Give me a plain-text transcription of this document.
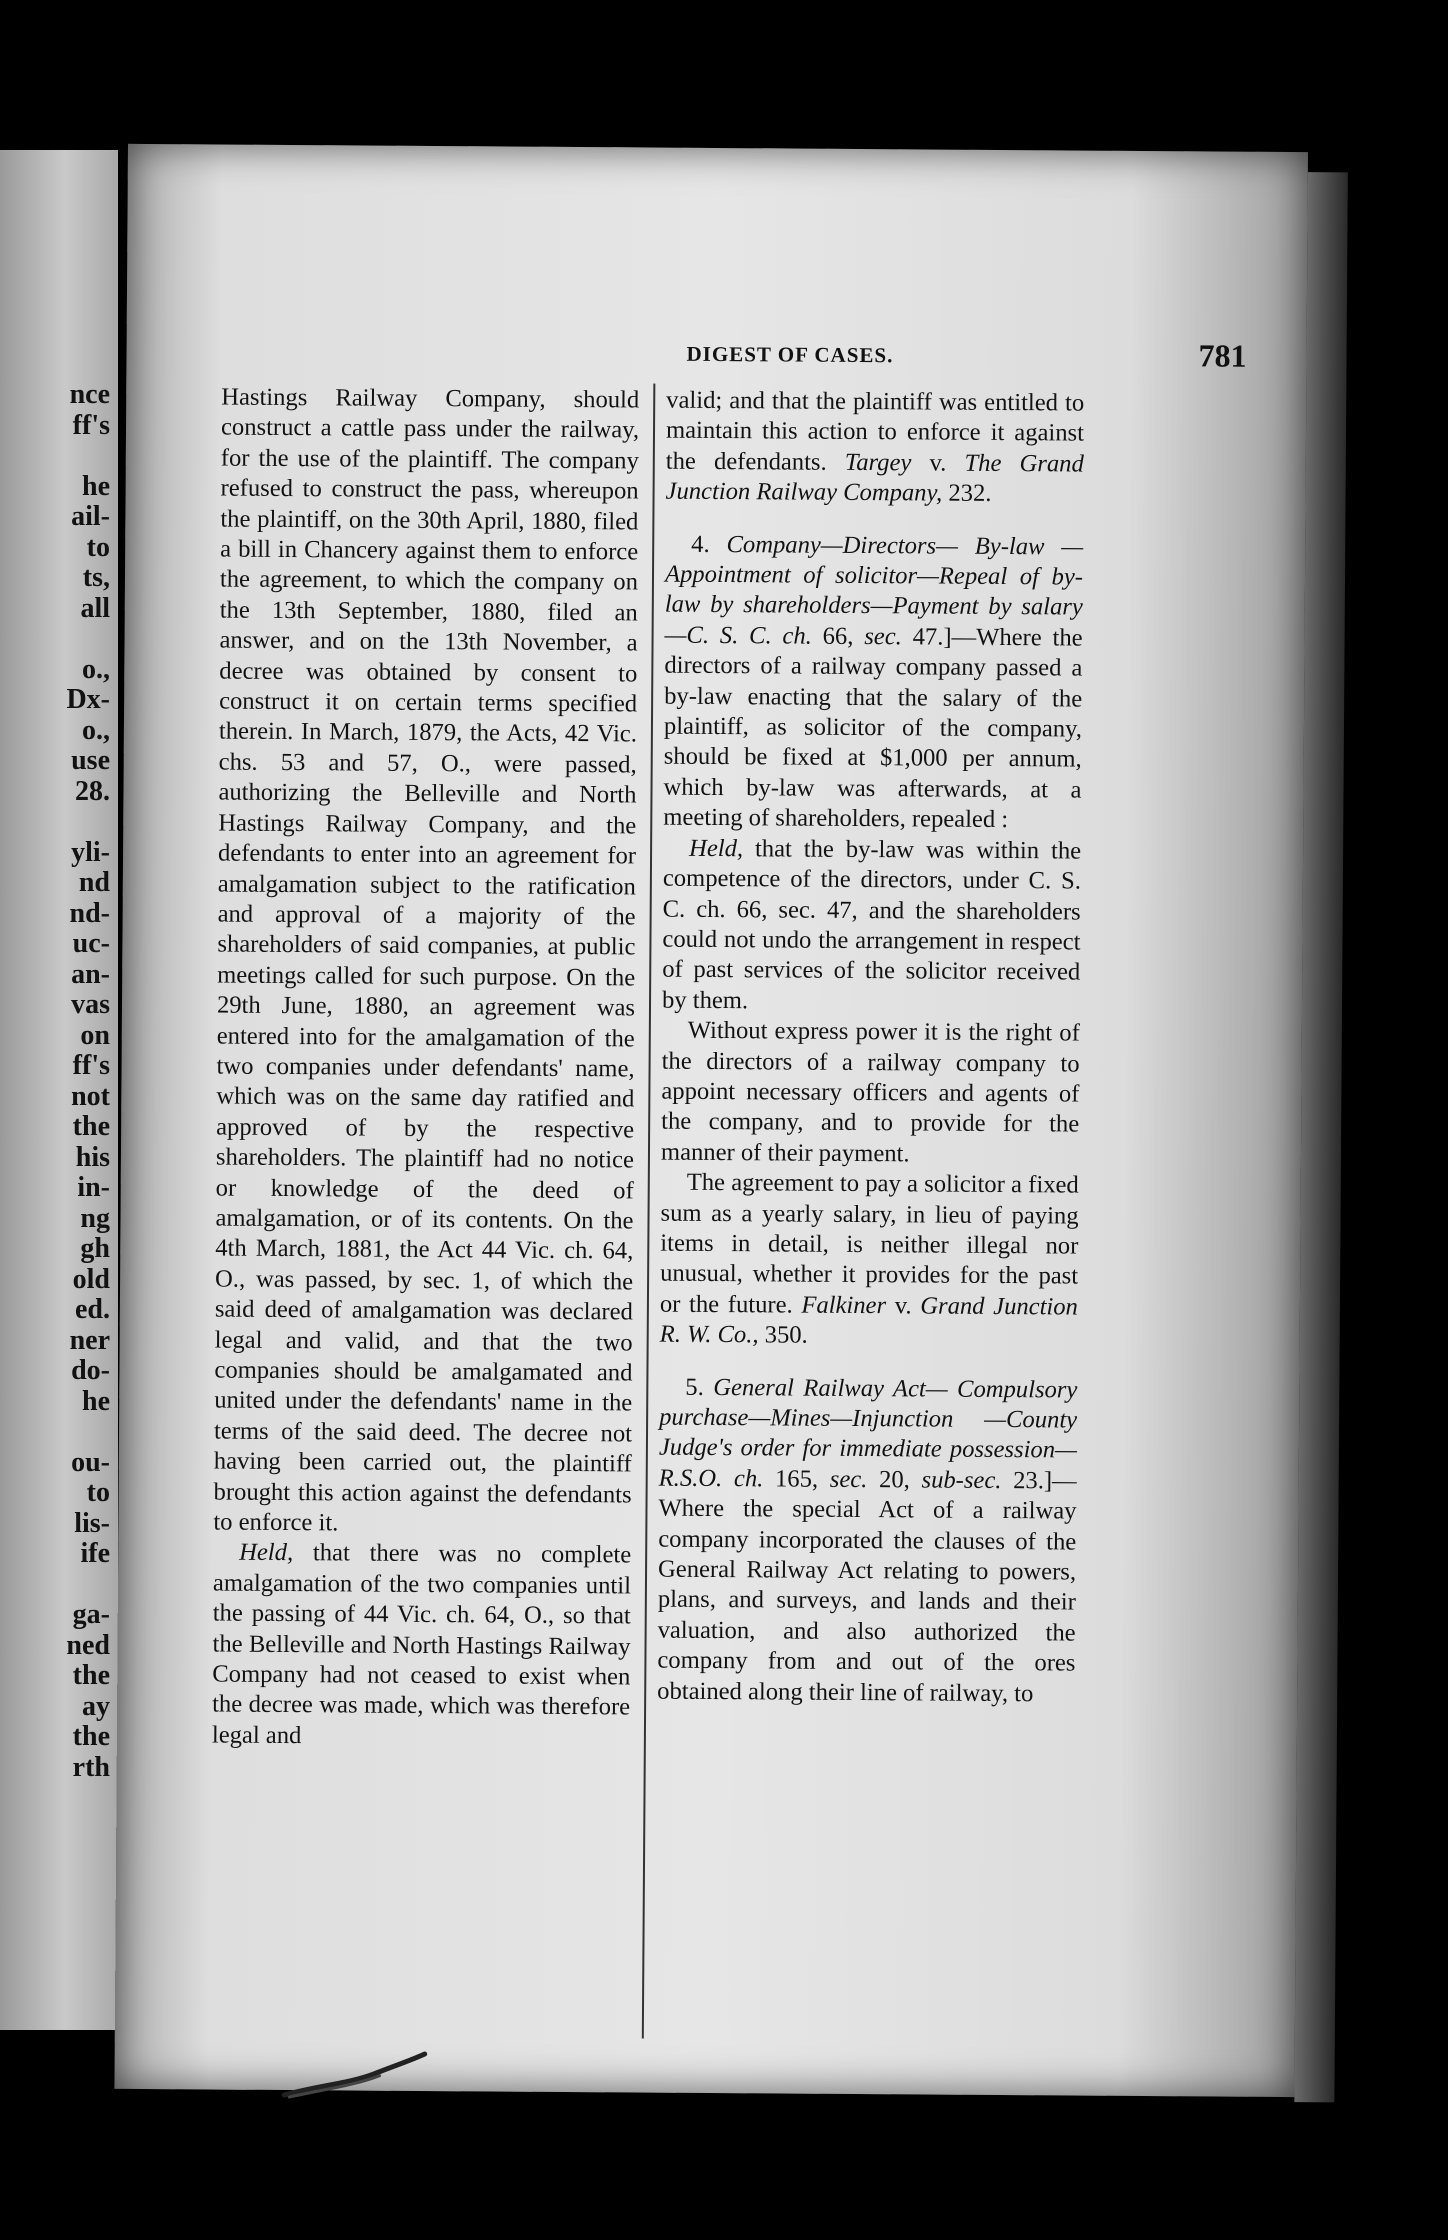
nce
ff's
he
ail-
to
ts,
all
o.,
Dx-
o.,
use
28.
yli-
nd
nd-
uc-
an-
vas
on
ff's
not
the
his
in-
ng
gh
old
ed.
ner
do-
he
ou-
to
lis-
ife
ga-
ned
the
ay
the
rth
DIGEST OF CASES.	781

Hastings Railway Company, should construct a cattle pass under the railway, for the use of the plaintiff. The company refused to construct the pass, whereupon the plaintiff, on the 30th April, 1880, filed a bill in Chancery against them to enforce the agreement, to which the company on the 13th September, 1880, filed an answer, and on the 13th November, a decree was obtained by consent to construct it on certain terms specified therein. In March, 1879, the Acts, 42 Vic. chs. 53 and 57, O., were passed, authorizing the Belleville and North Hastings Railway Company, and the defendants to enter into an agreement for amalgamation subject to the ratification and approval of a majority of the shareholders of said companies, at public meetings called for such purpose. On the 29th June, 1880, an agreement was entered into for the amalgamation of the two companies under defendants' name, which was on the same day ratified and approved of by the respective shareholders. The plaintiff had no notice or knowledge of the deed of amalgamation, or of its contents. On the 4th March, 1881, the Act 44 Vic. ch. 64, O., was passed, by sec. 1, of which the said deed of amalgamation was declared legal and valid, and that the two companies should be amalgamated and united under the defendants' name in the terms of the said deed. The decree not having been carried out, the plaintiff brought this action against the defendants to enforce it.

Held, that there was no complete amalgamation of the two companies until the passing of 44 Vic. ch. 64, O., so that the Belleville and North Hastings Railway Company had not ceased to exist when the decree was made, which was therefore legal and

valid; and that the plaintiff was entitled to maintain this action to enforce it against the defendants. Targey v. The Grand Junction Railway Company, 232.

4. Company—Directors— By-law —Appointment of solicitor—Repeal of by-law by shareholders—Payment by salary—C. S. C. ch. 66, sec. 47.]—Where the directors of a railway company passed a by-law enacting that the salary of the plaintiff, as solicitor of the company, should be fixed at $1,000 per annum, which by-law was afterwards, at a meeting of shareholders, repealed :

Held, that the by-law was within the competence of the directors, under C. S. C. ch. 66, sec. 47, and the shareholders could not undo the arrangement in respect of past services of the solicitor received by them.

Without express power it is the right of the directors of a railway company to appoint necessary officers and agents of the company, and to provide for the manner of their payment.

The agreement to pay a solicitor a fixed sum as a yearly salary, in lieu of paying items in detail, is neither illegal nor unusual, whether it provides for the past or the future. Falkiner v. Grand Junction R. W. Co., 350.

5. General Railway Act— Compulsory purchase—Mines—Injunction —County Judge's order for immediate possession—R.S.O. ch. 165, sec. 20, sub-sec. 23.]—Where the special Act of a railway company incorporated the clauses of the General Railway Act relating to powers, plans, and surveys, and lands and their valuation, and also authorized the company from and out of the ores obtained along their line of railway, to
